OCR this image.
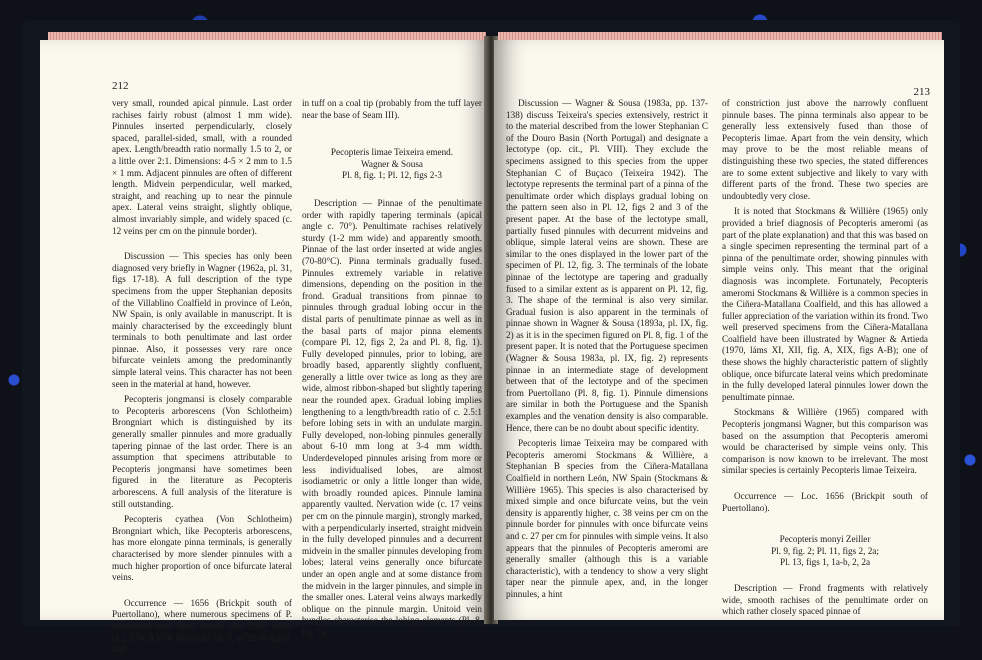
212

very small, rounded apical pinnule. Last order rachises fairly robust (almost 1 mm wide). Pinnules inserted perpendicularly, closely spaced, parallel-sided, small, with a rounded apex. Length/breadth ratio normally 1.5 to 2, or a little over 2:1. Dimensions: 4-5 × 2 mm to 1.5 × 1 mm. Adjacent pinnules are often of different length. Midvein perpendicular, well marked, straight, and reaching up to near the pinnule apex. Lateral veins straight, slightly oblique, almost invariably simple, and widely spaced (c. 12 veins per cm on the pinnule border).

Discussion — This species has only been diagnosed very briefly in Wagner (1962a, pl. 31, figs 17-18). A full description of the type specimens from the upper Stephanian deposits of the Villablino Coalfield in province of León, NW Spain, is only available in manuscript. It is mainly characterised by the exceedingly blunt terminals to both penultimate and last order pinnae. Also, it possesses very rare once bifurcate veinlets among the predominantly simple lateral veins. This character has not been seen in the material at hand, however.

Pecopteris jongmansi is closely comparable to Pecopteris arborescens (Von Schlotheim) Brongniart which is distinguished by its generally smaller pinnules and more gradually tapering pinnae of the last order. There is an assumption that specimens attributable to Pecopteris jongmansi have sometimes been figured in the literature as Pecopteris arborescens. A full analysis of the literature is still outstanding.

Pecopteris cyathea (Von Schlotheim) Brongniart which, like Pecopteris arborescens, has more elongate pinna terminals, is generally characterised by more slender pinnules with a much higher proportion of once bifurcate lateral veins.

Occurrence — 1656 (Brickpit south of Puertollano), where numerous specimens of P. jongmansi have been found; also 2943 (with cf.), ENCASUR Borehole SE 3, at 28 m depth, and

in tuff on a coal tip (probably from the tuff layer near the base of Seam III).

Pecopteris limae Teixeira emend.

Wagner & Sousa

Pl. 8, fig. 1; Pl. 12, figs 2-3

Description — Pinnae of the penultimate order with rapidly tapering terminals (apical angle c. 70°). Penultimate rachises relatively sturdy (1-2 mm wide) and apparently smooth. Pinnae of the last order inserted at wide angles (70-80°C). Pinna terminals gradually fused. Pinnules extremely variable in relative dimensions, depending on the position in the frond. Gradual transitions from pinnae to pinnules through gradual lobing occur in the distal parts of penultimate pinnae as well as in the basal parts of major pinna elements (compare Pl. 12, figs 2, 2a and Pl. 8, fig. 1). Fully developed pinnules, prior to lobing, are broadly based, apparently slightly confluent, generally a little over twice as long as they are wide, almost ribbon-shaped but slightly tapering near the rounded apex. Gradual lobing implies lengthening to a length/breadth ratio of c. 2.5:1 before lobing sets in with an undulate margin. Fully developed, non-lobing pinnules generally about 6-10 mm long at 3-4 mm width. Underdeveloped pinnules arising from more or less individualised lobes, are almost isodiametric or only a little longer than wide, with broadly rounded apices. Pinnule lamina apparently vaulted. Nervation wide (c. 17 veins per cm on the pinnule margin), strongly marked, with a perpendicularly inserted, straight midvein in the fully developed pinnules and a decurrent midvein in the smaller pinnules developing from lobes; lateral veins generally once bifurcate under an open angle and at some distance from the midvein in the larger pinnules, and simple in the smaller ones. Lateral veins always markedly oblique on the pinnule margin. Unitoid vein bundles characterise the lobing elements (Pl. 8, fig. 1).

213

Discussion — Wagner & Sousa (1983a, pp. 137-138) discuss Teixeira's species extensively, restrict it to the material described from the lower Stephanian C of the Douro Basin (North Portugal) and designate a lectotype (op. cit., Pl. VIII). They exclude the specimens assigned to this species from the upper Stephanian C of Buçaco (Teixeira 1942). The lectotype represents the terminal part of a pinna of the penultimate order which displays gradual lobing on the pattern seen also in Pl. 12, figs 2 and 3 of the present paper. At the base of the lectotype small, partially fused pinnules with decurrent midveins and oblique, simple lateral veins are shown. These are similar to the ones displayed in the lower part of the specimen of Pl. 12, fig. 3. The terminals of the lobate pinnae of the lectotype are tapering and gradually fused to a similar extent as is apparent on Pl. 12, fig. 3. The shape of the terminal is also very similar. Gradual fusion is also apparent in the terminals of pinnae shown in Wagner & Sousa (1893a, pl. IX, fig. 2) as it is in the specimen figured on Pl. 8, fig. 1 of the present paper. It is noted that the Portuguese specimen (Wagner & Sousa 1983a, pl. IX, fig. 2) represents pinnae in an intermediate stage of development between that of the lectotype and of the specimen from Puertollano (Pl. 8, fig. 1). Pinnule dimensions are similar in both the Portuguese and the Spanish examples and the venation density is also comparable. Hence, there can be no doubt about specific identity.

Pecopteris limae Teixeira may be compared with Pecopteris ameromi Stockmans & Willière, a Stephanian B species from the Ciñera-Matallana Coalfield in northern León, NW Spain (Stockmans & Willière 1965). This species is also characterised by mixed simple and once bifurcate veins, but the vein density is apparently higher, c. 38 veins per cm on the pinnule border for pinnules with once bifurcate veins and c. 27 per cm for pinnules with simple veins. It also appears that the pinnules of Pecopteris ameromi are generally smaller (although this is a variable characteristic), with a tendency to show a very slight taper near the pinnule apex, and, in the longer pinnules, a hint

of constriction just above the narrowly confluent pinnule bases. The pinna terminals also appear to be generally less extensively fused than those of Pecopteris limae. Apart from the vein density, which may prove to be the most reliable means of distinguishing these two species, the stated differences are to some extent subjective and likely to vary with different parts of the frond. These two species are undoubtedly very close.

It is noted that Stockmans & Willière (1965) only provided a brief diagnosis of Pecopteris ameromi (as part of the plate explanation) and that this was based on a single specimen representing the terminal part of a pinna of the penultimate order, showing pinnules with simple veins only. This meant that the original diagnosis was incomplete. Fortunately, Pecopteris ameromi Stockmans & Willière is a common species in the Ciñera-Matallana Coalfield, and this has allowed a fuller appreciation of the variation within its frond. Two well preserved specimens from the Ciñera-Matallana Coalfield have been illustrated by Wagner & Artieda (1970, láms XI, XII, fig. A, XIX, figs A-B); one of these shows the highly characteristic pattern of slightly oblique, once bifurcate lateral veins which predominate in the fully developed lateral pinnules lower down the penultimate pinnae.

Stockmans & Willière (1965) compared with Pecopteris jongmansi Wagner, but this comparison was based on the assumption that Pecopteris ameromi would be characterised by simple veins only. This comparison is now known to be irrelevant. The most similar species is certainly Pecopteris limae Teixeira.

Occurrence — Loc. 1656 (Brickpit south of Puertollano).

Pecopteris monyi Zeiller

Pl. 9, fig. 2; Pl. 11, figs 2, 2a;

Pl. 13, figs 1, 1a-b, 2, 2a

Description — Frond fragments with relatively wide, smooth rachises of the penultimate order on which rather closely spaced pinnae of
